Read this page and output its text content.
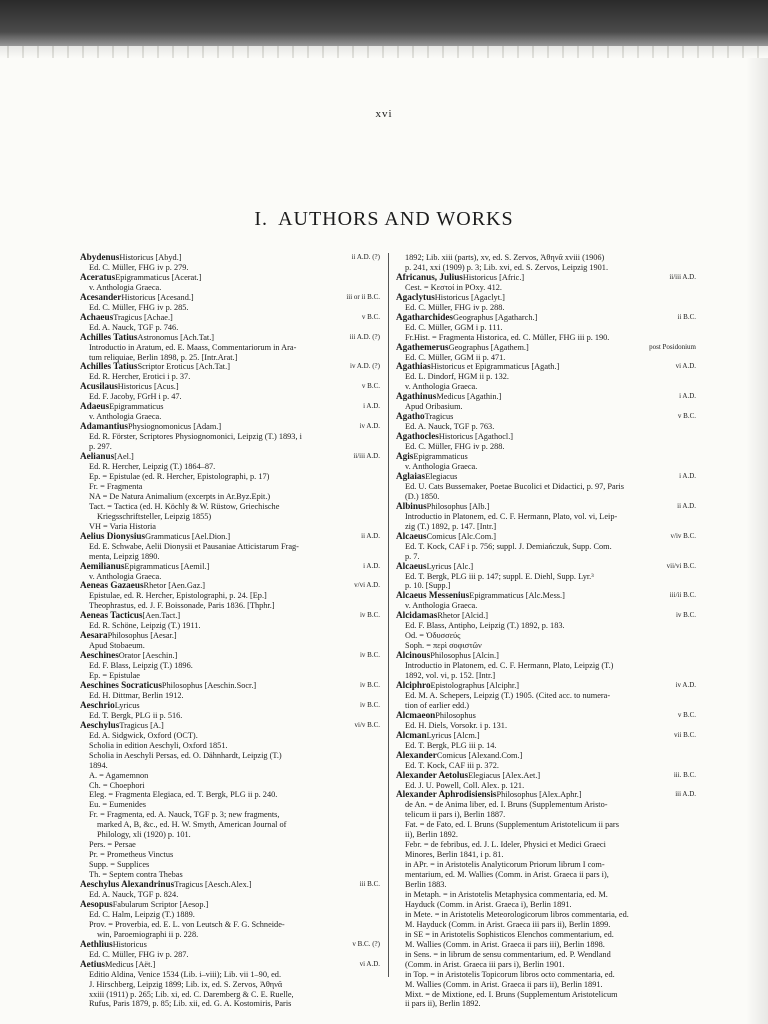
xvi
I. AUTHORS AND WORKS
AbydenusHistoricus [Abyd.]	ii A.D. (?)
Ed. C. Müller, FHG iv p. 279.
AceratusEpigrammaticus [Acerat.]
v. Anthologia Graeca.
AcesanderHistoricus [Acesand.]	iii or ii B.C.
Ed. C. Müller, FHG iv p. 285.
AchaeusTragicus [Achae.]	v B.C.
Ed. A. Nauck, TGF p. 746.
Achilles TatiusAstronomus [Ach.Tat.]	iii A.D. (?)
Introductio in Aratum, ed. E. Maass, Commentariorum in Ara-
tum reliquiae, Berlin 1898, p. 25. [Intr.Arat.]
Achilles TatiusScriptor Eroticus [Ach.Tat.]	iv A.D. (?)
Ed. R. Hercher, Erotici i p. 37.
AcusilausHistoricus [Acus.]	v B.C.
Ed. F. Jacoby, FGrH i p. 47.
AdaeusEpigrammaticus	i A.D.
v. Anthologia Graeca.
AdamantiusPhysiognomonicus [Adam.]	iv A.D.
Ed. R. Förster, Scriptores Physiognomonici, Leipzig (T.) 1893, i
p. 297.
Aelianus[Ael.]	ii/iii A.D.
Ed. R. Hercher, Leipzig (T.) 1864–87.
Ep. = Epistulae (ed. R. Hercher, Epistolographi, p. 17)
Fr. = Fragmenta
NA = De Natura Animalium (excerpts in Ar.Byz.Epit.)
Tact. = Tactica (ed. H. Köchly & W. Rüstow, Griechische
Kriegsschriftsteller, Leipzig 1855)
VH = Varia Historia
Aelius DionysiusGrammaticus [Ael.Dion.]	ii A.D.
Ed. E. Schwabe, Aelii Dionysii et Pausaniae Atticistarum Frag-
menta, Leipzig 1890.
AemilianusEpigrammaticus [Aemil.]	i A.D.
v. Anthologia Graeca.
Aeneas GazaeusRhetor [Aen.Gaz.]	v/vi A.D.
Epistulae, ed. R. Hercher, Epistolographi, p. 24. [Ep.]
Theophrastus, ed. J. F. Boissonade, Paris 1836. [Thphr.]
Aeneas Tacticus[Aen.Tact.]	iv B.C.
Ed. R. Schöne, Leipzig (T.) 1911.
AesaraPhilosophus [Aesar.]
Apud Stobaeum.
AeschinesOrator [Aeschin.]	iv B.C.
Ed. F. Blass, Leipzig (T.) 1896.
Ep. = Epistulae
Aeschines SocraticusPhilosophus [Aeschin.Socr.]	iv B.C.
Ed. H. Dittmar, Berlin 1912.
AeschrioLyricus	iv B.C.
Ed. T. Bergk, PLG ii p. 516.
AeschylusTragicus [A.]	vi/v B.C.
Ed. A. Sidgwick, Oxford (OCT).
Scholia in edition Aeschyli, Oxford 1851.
Scholia in Aeschyli Persas, ed. O. Dähnhardt, Leipzig (T.)
1894.
A. = Agamemnon
Ch. = Choephori
Eleg. = Fragmenta Elegiaca, ed. T. Bergk, PLG ii p. 240.
Eu. = Eumenides
Fr. = Fragmenta, ed. A. Nauck, TGF p. 3; new fragments,
marked A, B, &c., ed. H. W. Smyth, American Journal of
Philology, xli (1920) p. 101.
Pers. = Persae
Pr. = Prometheus Vinctus
Supp. = Supplices
Th. = Septem contra Thebas
Aeschylus AlexandrinusTragicus [Aesch.Alex.]	iii B.C.
Ed. A. Nauck, TGF p. 824.
AesopusFabularum Scriptor [Aesop.]
Ed. C. Halm, Leipzig (T.) 1889.
Prov. = Proverbia, ed. E. L. von Leutsch & F. G. Schneide-
win, Paroemiographi ii p. 228.
AethliusHistoricus	v B.C. (?)
Ed. C. Müller, FHG iv p. 287.
AetiusMedicus [Aët.]	vi A.D.
Editio Aldina, Venice 1534 (Lib. i–viii); Lib. vii 1–90, ed.
J. Hirschberg, Leipzig 1899; Lib. ix, ed. S. Zervos, Ἀθηνᾶ
xxiii (1911) p. 265; Lib. xi, ed. C. Daremberg & C. E. Ruelle,
Rufus, Paris 1879, p. 85; Lib. xii, ed. G. A. Kostomiris, Paris
1892; Lib. xiii (parts), xv, ed. S. Zervos, Ἀθηνᾶ xviii (1906)
p. 241, xxi (1909) p. 3; Lib. xvi, ed. S. Zervos, Leipzig 1901.
Africanus, JuliusHistoricus [Afric.]	ii/iii A.D.
Cest. = Κεστοί in POxy. 412.
AgaclytusHistoricus [Agaclyt.]
Ed. C. Müller, FHG iv p. 288.
AgatharchidesGeographus [Agatharch.]	ii B.C.
Ed. C. Müller, GGM i p. 111.
Fr.Hist. = Fragmenta Historica, ed. C. Müller, FHG iii p. 190.
AgathemerusGeographus [Agathem.]	post Posidonium
Ed. C. Müller, GGM ii p. 471.
AgathiasHistoricus et Epigrammaticus [Agath.]	vi A.D.
Ed. L. Dindorf, HGM ii p. 132.
v. Anthologia Graeca.
AgathinusMedicus [Agathin.]	i A.D.
Apud Oribasium.
AgathoTragicus	v B.C.
Ed. A. Nauck, TGF p. 763.
AgathoclesHistoricus [Agathocl.]
Ed. C. Müller, FHG iv p. 288.
AgisEpigrammaticus
v. Anthologia Graeca.
AglaiasElegiacus	i A.D.
Ed. U. Cats Bussemaker, Poetae Bucolici et Didactici, p. 97, Paris
(D.) 1850.
AlbinusPhilosophus [Alb.]	ii A.D.
Introductio in Platonem, ed. C. F. Hermann, Plato, vol. vi, Leip-
zig (T.) 1892, p. 147. [Intr.]
AlcaeusComicus [Alc.Com.]	v/iv B.C.
Ed. T. Kock, CAF i p. 756; suppl. J. Demiańczuk, Supp. Com.
p. 7.
AlcaeusLyricus [Alc.]	vii/vi B.C.
Ed. T. Bergk, PLG iii p. 147; suppl. E. Diehl, Supp. Lyr.³
p. 10. [Supp.]
Alcaeus MesseniusEpigrammaticus [Alc.Mess.]	iii/ii B.C.
v. Anthologia Graeca.
AlcidamasRhetor [Alcid.]	iv B.C.
Ed. F. Blass, Antipho, Leipzig (T.) 1892, p. 183.
Od. = Ὀδυσσεύς
Soph. = περὶ σοφιστῶν
AlcinousPhilosophus [Alcin.]
Introductio in Platonem, ed. C. F. Hermann, Plato, Leipzig (T.)
1892, vol. vi, p. 152. [Intr.]
AlciphroEpistolographus [Alciphr.]	iv A.D.
Ed. M. A. Schepers, Leipzig (T.) 1905. (Cited acc. to numera-
tion of earlier edd.)
AlcmaeonPhilosophus	v B.C.
Ed. H. Diels, Vorsokr. i p. 131.
AlcmanLyricus [Alcm.]	vii B.C.
Ed. T. Bergk, PLG iii p. 14.
AlexanderComicus [Alexand.Com.]
Ed. T. Kock, CAF iii p. 372.
Alexander AetolusElegiacus [Alex.Aet.]	iii. B.C.
Ed. J. U. Powell, Coll. Alex. p. 121.
Alexander AphrodisiensisPhilosophus [Alex.Aphr.]	iii A.D.
de An. = de Anima liber, ed. I. Bruns (Supplementum Aristo-
telicum ii pars i), Berlin 1887.
Fat. = de Fato, ed. I. Bruns (Supplementum Aristotelicum ii pars
ii), Berlin 1892.
Febr. = de febribus, ed. J. L. Ideler, Physici et Medici Graeci
Minores, Berlin 1841, i p. 81.
in APr. = in Aristotelis Analyticorum Priorum librum I com-
mentarium, ed. M. Wallies (Comm. in Arist. Graeca ii pars i),
Berlin 1883.
in Metaph. = in Aristotelis Metaphysica commentaria, ed. M.
Hayduck (Comm. in Arist. Graeca i), Berlin 1891.
in Mete. = in Aristotelis Meteorologicorum libros commentaria, ed.
M. Hayduck (Comm. in Arist. Graeca iii pars ii), Berlin 1899.
in SE = in Aristotelis Sophisticos Elenchos commentarium, ed.
M. Wallies (Comm. in Arist. Graeca ii pars iii), Berlin 1898.
in Sens. = in librum de sensu commentarium, ed. P. Wendland
(Comm. in Arist. Graeca iii pars i), Berlin 1901.
in Top. = in Aristotelis Topicorum libros octo commentaria, ed.
M. Wallies (Comm. in Arist. Graeca ii pars ii), Berlin 1891.
Mixt. = de Mixtione, ed. I. Bruns (Supplementum Aristotelicum
ii pars ii), Berlin 1892.
